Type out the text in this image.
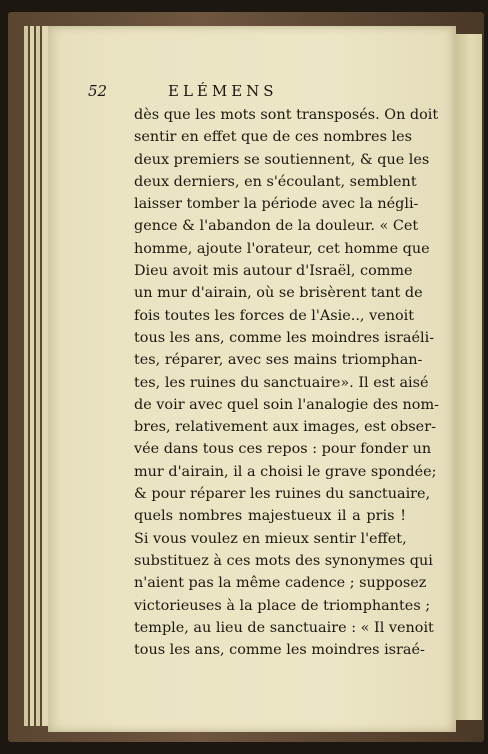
52	ELÉMENS
dès que les mots sont transposés. On doit
sentir en effet que de ces nombres les
deux premiers se soutiennent, & que les
deux derniers, en s'écoulant, semblent
laisser tomber la période avec la négli-
gence & l'abandon de la douleur. « Cet
homme, ajoute l'orateur, cet homme que
Dieu avoit mis autour d'Israël, comme
un mur d'airain, où se brisèrent tant de
fois toutes les forces de l'Asie.., venoit
tous les ans, comme les moindres israéli-
tes, réparer, avec ses mains triomphan-
tes, les ruines du sanctuaire». Il est aisé
de voir avec quel soin l'analogie des nom-
bres, relativement aux images, est obser-
vée dans tous ces repos : pour fonder un
mur d'airain, il a choisi le grave spondée;
& pour réparer les ruines du sanctuaire,
quels nombres majestueux il a pris !
Si vous voulez en mieux sentir l'effet,
substituez à ces mots des synonymes qui
n'aient pas la même cadence ; supposez
victorieuses à la place de triomphantes ;
temple, au lieu de sanctuaire : « Il venoit
tous les ans, comme les moindres israé-
